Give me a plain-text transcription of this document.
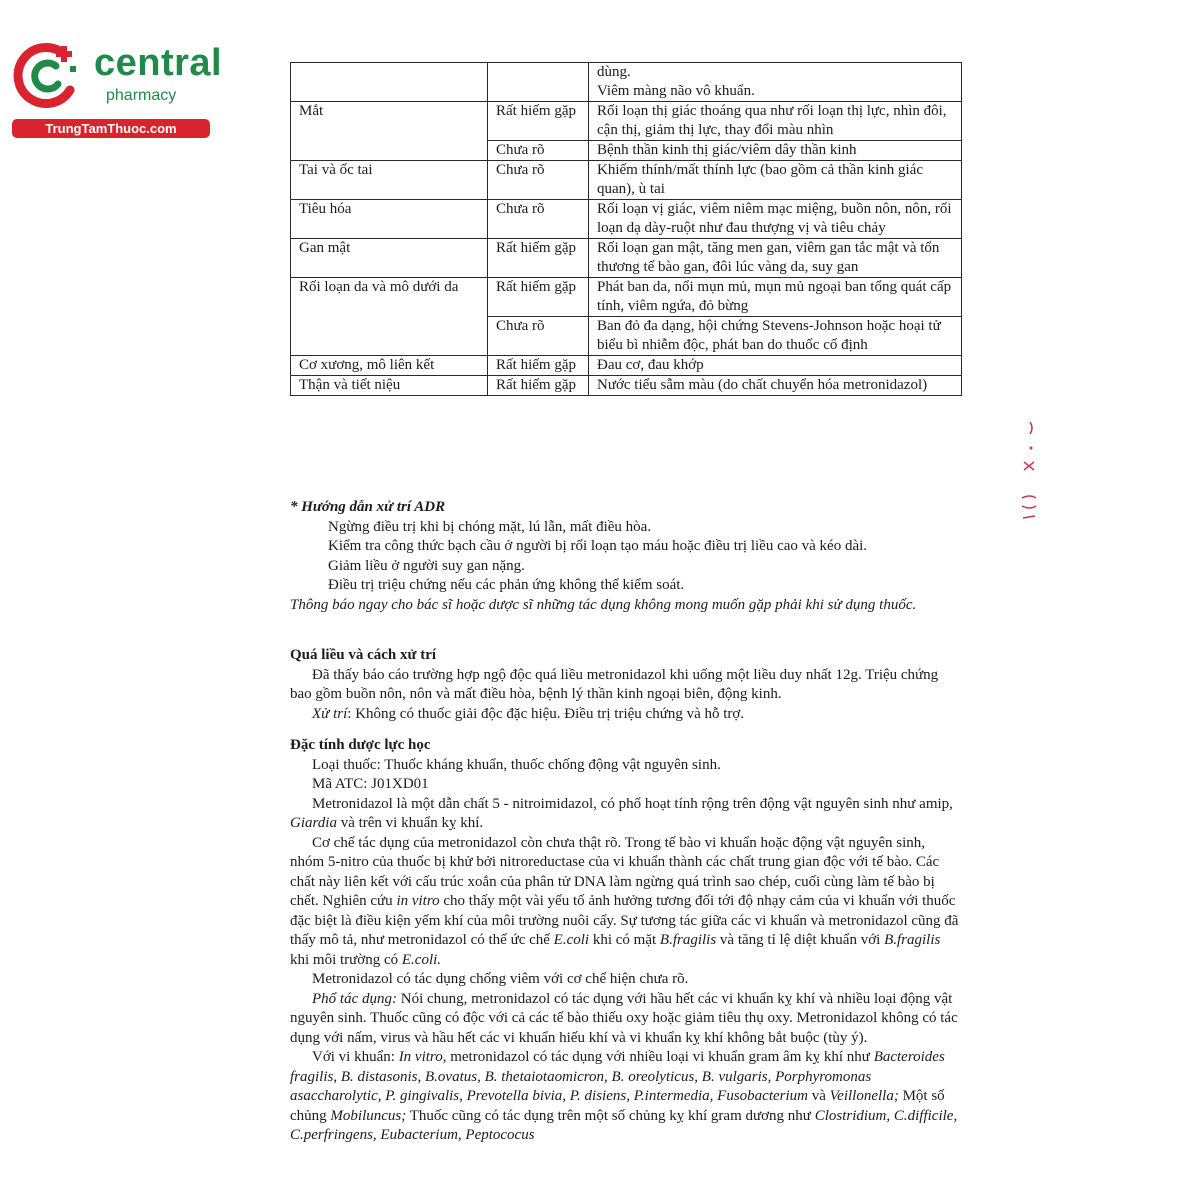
central
pharmacy
TrungTamThuoc.com
		dùng.
Viêm màng não vô khuẩn.
Mắt	Rất hiếm gặp	Rối loạn thị giác thoáng qua như rối loạn thị lực, nhìn đôi, cận thị, giảm thị lực, thay đổi màu nhìn
	Chưa rõ	Bệnh thần kinh thị giác/viêm dây thần kinh
Tai và ốc tai	Chưa rõ	Khiếm thính/mất thính lực (bao gồm cả thần kinh giác quan), ù tai
Tiêu hóa	Chưa rõ	Rối loạn vị giác, viêm niêm mạc miệng, buồn nôn, nôn, rối loạn dạ dày-ruột như đau thượng vị và tiêu chảy
Gan mật	Rất hiếm gặp	Rối loạn gan mật, tăng men gan, viêm gan tắc mật và tổn thương tế bào gan, đôi lúc vàng da, suy gan
Rối loạn da và mô dưới da	Rất hiếm gặp	Phát ban da, nổi mụn mủ, mụn mủ ngoại ban tổng quát cấp tính, viêm ngứa, đỏ bừng
	Chưa rõ	Ban đỏ đa dạng, hội chứng Stevens-Johnson hoặc hoại tử biểu bì nhiễm độc, phát ban do thuốc cố định
Cơ xương, mô liên kết	Rất hiếm gặp	Đau cơ, đau khớp
Thận và tiết niệu	Rất hiếm gặp	Nước tiểu sẫm màu (do chất chuyển hóa metronidazol)

* Hướng dẫn xử trí ADR

Ngừng điều trị khi bị chóng mặt, lú lẫn, mất điều hòa.

Kiểm tra công thức bạch cầu ở người bị rối loạn tạo máu hoặc điều trị liều cao và kéo dài.

Giảm liều ở người suy gan nặng.

Điều trị triệu chứng nếu các phản ứng không thể kiểm soát.

Thông báo ngay cho bác sĩ hoặc dược sĩ những tác dụng không mong muốn gặp phải khi sử dụng thuốc.

Quá liều và cách xử trí

Đã thấy báo cáo trường hợp ngộ độc quá liều metronidazol khi uống một liều duy nhất 12g. Triệu chứng bao gồm buồn nôn, nôn và mất điều hòa, bệnh lý thần kinh ngoại biên, động kinh.

Xử trí: Không có thuốc giải độc đặc hiệu. Điều trị triệu chứng và hỗ trợ.

Đặc tính dược lực học

Loại thuốc: Thuốc kháng khuẩn, thuốc chống động vật nguyên sinh.

Mã ATC: J01XD01

Metronidazol là một dẫn chất 5 - nitroimidazol, có phổ hoạt tính rộng trên động vật nguyên sinh như amip, Giardia và trên vi khuẩn kỵ khí.

Cơ chế tác dụng của metronidazol còn chưa thật rõ. Trong tế bào vi khuẩn hoặc động vật nguyên sinh, nhóm 5-nitro của thuốc bị khử bởi nitroreductase của vi khuẩn thành các chất trung gian độc với tế bào. Các chất này liên kết với cấu trúc xoắn của phân tử DNA làm ngừng quá trình sao chép, cuối cùng làm tế bào bị chết. Nghiên cứu in vitro cho thấy một vài yếu tố ảnh hưởng tương đối tới độ nhạy cảm của vi khuẩn với thuốc đặc biệt là điều kiện yếm khí của môi trường nuôi cấy. Sự tương tác giữa các vi khuẩn và metronidazol cũng đã thấy mô tả, như metronidazol có thể ức chế E.coli khi có mặt B.fragilis và tăng tỉ lệ diệt khuẩn với B.fragilis khi môi trường có E.coli.

Metronidazol có tác dụng chống viêm với cơ chế hiện chưa rõ.

Phổ tác dụng: Nói chung, metronidazol có tác dụng với hầu hết các vi khuẩn kỵ khí và nhiều loại động vật nguyên sinh. Thuốc cũng có độc với cả các tế bào thiếu oxy hoặc giảm tiêu thụ oxy. Metronidazol không có tác dụng với nấm, virus và hầu hết các vi khuẩn hiếu khí và vi khuẩn kỵ khí không bắt buộc (tùy ý).

Với vi khuẩn: In vitro, metronidazol có tác dụng với nhiều loại vi khuẩn gram âm kỵ khí như Bacteroides fragilis, B. distasonis, B.ovatus, B. thetaiotaomicron, B. oreolyticus, B. vulgaris, Porphyromonas asaccharolytic, P. gingivalis, Prevotella bivia, P. disiens, P.intermedia, Fusobacterium và Veillonella; Một số chủng Mobiluncus; Thuốc cũng có tác dụng trên một số chủng kỵ khí gram dương như Clostridium, C.difficile, C.perfringens, Eubacterium, Peptococus
